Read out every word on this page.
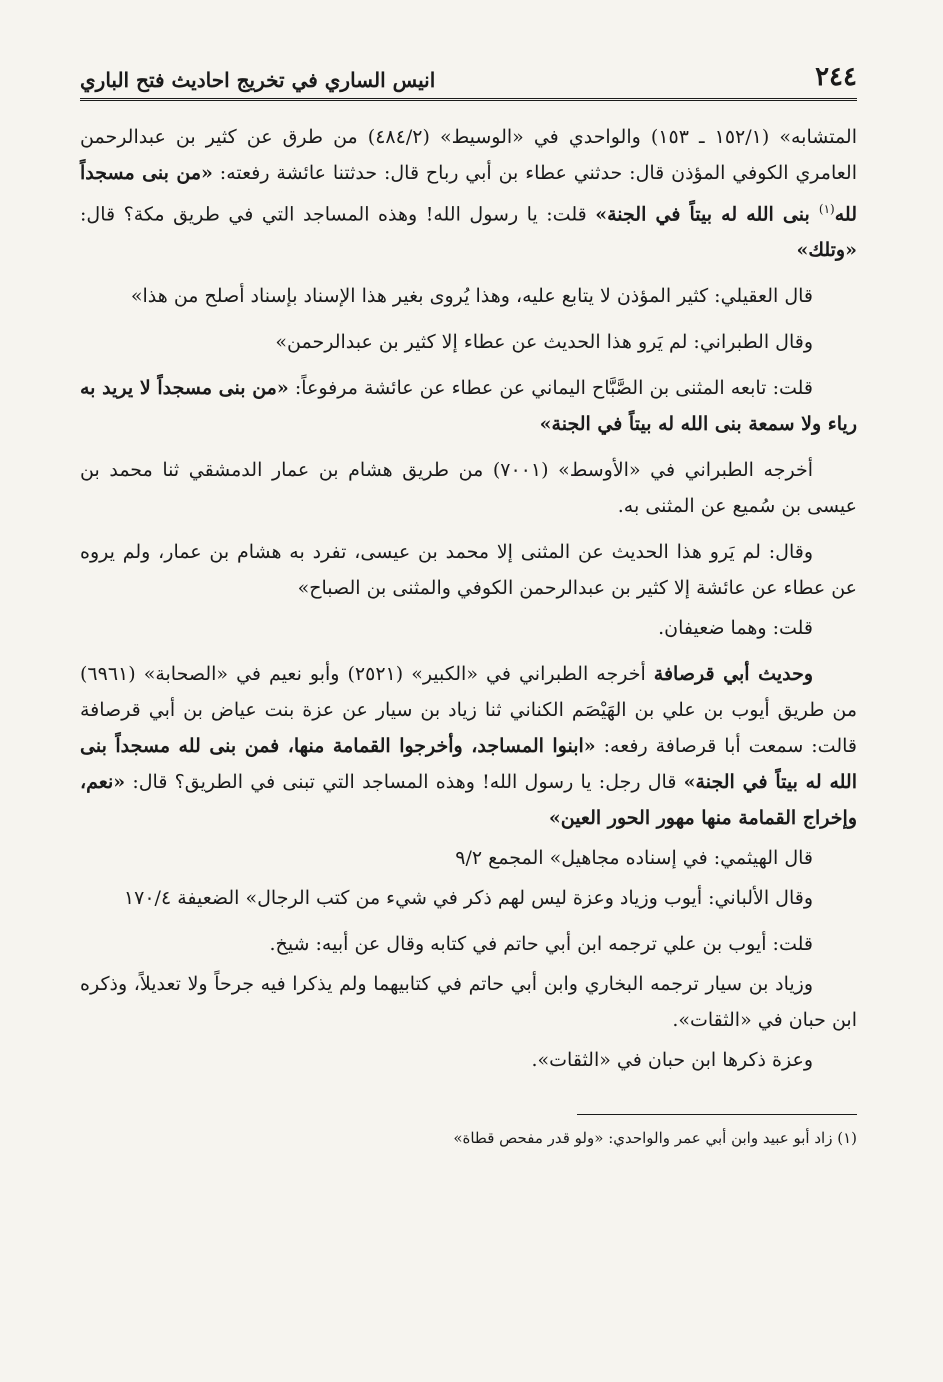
٢٤٤
انيس الساري في تخريج احاديث فتح الباري

المتشابه» (١٥٢/١ ـ ١٥٣) والواحدي في «الوسيط» (٤٨٤/٢) من طرق عن كثير بن عبدالرحمن العامري الكوفي المؤذن قال: حدثني عطاء بن أبي رباح قال: حدثتنا عائشة رفعته: «من بنى مسجداً لله$^{(١)}$ بنى الله له بيتاً في الجنة» قلت: يا رسول الله! وهذه المساجد التي في طريق مكة؟ قال: «وتلك»

قال العقيلي: كثير المؤذن لا يتابع عليه، وهذا يُروى بغير هذا الإسناد بإسناد أصلح من هذا»

وقال الطبراني: لم يَرو هذا الحديث عن عطاء إلا كثير بن عبدالرحمن»

قلت: تابعه المثنى بن الصَّبَّاح اليماني عن عطاء عن عائشة مرفوعاً: «من بنى مسجداً لا يريد به رياء ولا سمعة بنى الله له بيتاً في الجنة»

أخرجه الطبراني في «الأوسط» (٧٠٠١) من طريق هشام بن عمار الدمشقي ثنا محمد بن عيسى بن سُميع عن المثنى به.

وقال: لم يَرو هذا الحديث عن المثنى إلا محمد بن عيسى، تفرد به هشام بن عمار، ولم يروه عن عطاء عن عائشة إلا كثير بن عبدالرحمن الكوفي والمثنى بن الصباح»

قلت: وهما ضعيفان.

وحديث أبي قرصافة أخرجه الطبراني في «الكبير» (٢٥٢١) وأبو نعيم في «الصحابة» (٦٩٦١) من طريق أيوب بن علي بن الهَيْصَم الكناني ثنا زياد بن سيار عن عزة بنت عياض بن أبي قرصافة قالت: سمعت أبا قرصافة رفعه: «ابنوا المساجد، وأخرجوا القمامة منها، فمن بنى لله مسجداً بنى الله له بيتاً في الجنة» قال رجل: يا رسول الله! وهذه المساجد التي تبنى في الطريق؟ قال: «نعم، وإخراج القمامة منها مهور الحور العين»

قال الهيثمي: في إسناده مجاهيل» المجمع ٩/٢

وقال الألباني: أيوب وزياد وعزة ليس لهم ذكر في شيء من كتب الرجال» الضعيفة ١٧٠/٤

قلت: أيوب بن علي ترجمه ابن أبي حاتم في كتابه وقال عن أبيه: شيخ.

وزياد بن سيار ترجمه البخاري وابن أبي حاتم في كتابيهما ولم يذكرا فيه جرحاً ولا تعديلاً، وذكره ابن حبان في «الثقات».

وعزة ذكرها ابن حبان في «الثقات».

(١) زاد أبو عبيد وابن أبي عمر والواحدي: «ولو قدر مفحص قطاة»
